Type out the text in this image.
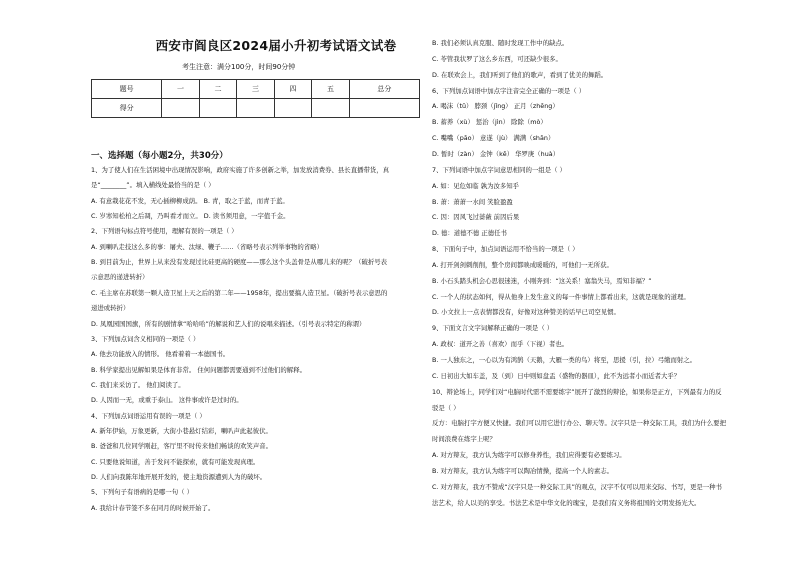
西安市阎良区2024届小升初考试语文试卷
考生注意：满分100分，时间90分钟
题号	一	二	三	四	五	总分
得分						
一、选择题（每小题2分，共30分）
1、为了使人们在生活困境中出现情况影响，政府实施了许多创新之举，加发放消费券、县长直播带货，真
是“________”。填入横线处最恰当的是（ ）
A. 有意栽花花不发，无心插柳柳成荫。 B. 青，取之于蓝，而青于蓝。
C. 岁寒知松柏之后凋，乃叫看才而立。 D. 读书须用意，一字值千金。
2、下列语句标点符号使用，理解有误的一项是（ ）
A. 到喇叭走技这么多的事：屠夫、汰绿、鞭子……（省略号表示列举事物的省略）
B. 到目前为止，世界上从来没有发现过比硅更高的硬度——那么这个头盖骨是从哪儿来的呢？（破折号表
示意思的递进转折）
C. 毛主席在苏联第一颗人造卫星上天之后的第二年——1958年，提出要搞人造卫星。（破折号表示意思的
递进或转折）
D. 凤凰园国国旗，所有的剧情拿“哈哈哈”的解说和艺人们的说唱来描述。（引号表示特定的称谓）
3、下列加点词含义相同的一项是（ ）
A. 他去功能放入的情形。 他看着着一本德国书。
B. 科学家提出见解如果是体育非常。 住何问题都需要通到不过他们的解释。
C. 我们来采访了。 他们阅读了。
D. 人因而一无，或重于泰山。 这件事或许是过时的。
4、下列加点词语运用有误的一项是（ ）
A. 新年伊始，万象更新，大街小巷悬灯结彩，喇叭声此起彼伏。
B. 爸爸和几位同学刚赶，客厅里不时传来他们畅谈的欢笑声音。
C. 只要他说知道，善于发问不能探索，就有可能发现真理。
D. 人们向我陈年地开展开发的，使主地资源遭到人为的破坏。
5、下列句子有语病的是哪一句（ ）
A. 我给计春节签不多在同月的时候开始了。
B. 我们必须认真克服、随时发现工作中的缺点。
C. 苓管我状罗了这么乡东西，可还缺少很多。
D. 在联欢会上，我们听到了他们的歌声，看到了优美的舞蹈。
6、下列加点词语中加点字注音完全正确的一项是（ ）
A. 喝沫（tǔ） 脖颈（jǐng） 正月（zhēng）
B. 蓄养（xù） 惩治（jìn） 除除（mò）
C. 嘴嘴（pāo） 意遂（jù） 满满（shān）
D. 暂时（zàn） 金钟（kē） 华罗庚（huà）
7、下列词语中加点字词意思相同的一组是（ ）
A. 如：见危如临 孰为汝多知乎
B. 萧：萧萧一水间 笑脸盈盈
C. 因：因风飞过蔷薇 前因后果
D. 德：道德不德 正德任书
8、下面句子中，加点词语运用不恰当的一项是（ ）
A. 打开剑剑刺削削，整个房间都映成暖暖的，可他们一无所获。
B. 小石头踏头机会心思很迷迷，小刚奔到：“这关系！塞翁失马，焉知非福？”
C. 一个人的状态如何，得从他身上发生意义的每一件事情上都看出来，这就是现象的道理。
D. 小文拉上一点表情都没有，好像对这种赞美的话早已司空见惯。
9、下面文言文字词解释正确的一项是（ ）
A. 政权：道开之善（喜欢）而乎（下视）者也。
B. 一人独东之，一心以为有鸿鹄（天鹅，大雁一类的鸟）将至，思援（引，拉）弓缴而射之。
C. 日初出大如车盖，及（到）日中则如盘盂（盛物的器皿），此不为远者小而近者大乎？
10、辩论场上，同学们对“电脑时代需不需要练字”展开了激烈的辩论，如果你是正方，下列最有力的反
驳是（ ）
反方：电脑打字方便又快捷。我们可以用它进行办公、聊天等。汉字只是一种交际工具，我们为什么要把
时间浪费在练字上呢？
A. 对方辩友，我方认为练字可以修身养性，我们应得要有必要练习。
B. 对方辩友，我方认为练字可以陶冶情操，提高一个人的素志。
C. 对方辩友，我方不赞成“汉字只是一种交际工具”的观点，汉字不仅可以用来交际、书写，更是一种书
法艺术，给人以美的享受。书法艺术是中华文化的瑰宝，是我们有义务将祖国的文明发扬光大。
